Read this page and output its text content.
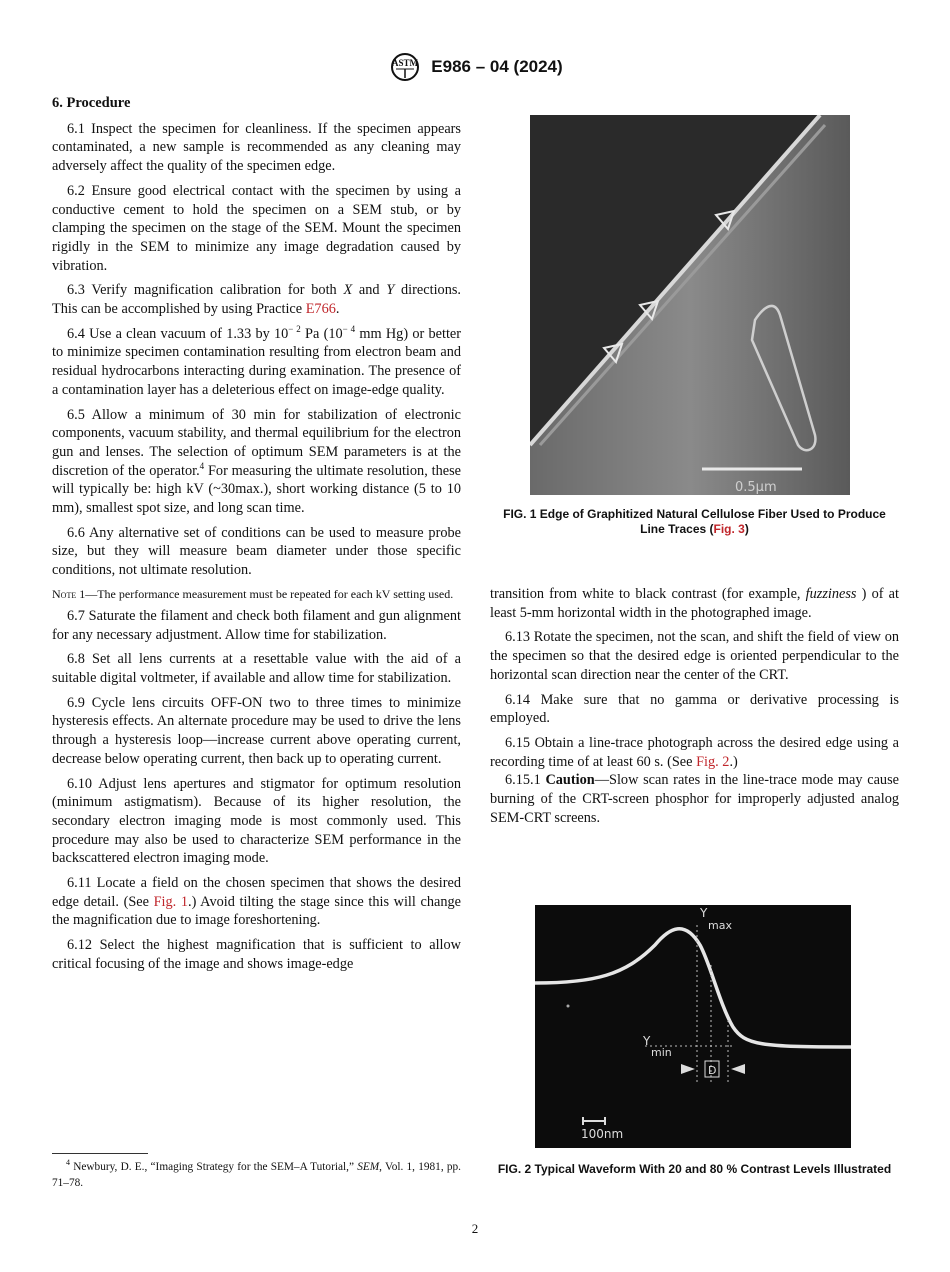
ASTM E986 – 04 (2024)
6. Procedure

6.1 Inspect the specimen for cleanliness. If the specimen appears contaminated, a new sample is recommended as any cleaning may adversely affect the quality of the specimen edge.

6.2 Ensure good electrical contact with the specimen by using a conductive cement to hold the specimen on a SEM stub, or by clamping the specimen on the stage of the SEM. Mount the specimen rigidly in the SEM to minimize any image degradation caused by vibration.

6.3 Verify magnification calibration for both X and Y directions. This can be accomplished by using Practice E766.

6.4 Use a clean vacuum of 1.33 by $10^{- 2}$ Pa ($10^{- 4}$ mm Hg) or better to minimize specimen contamination resulting from electron beam and residual hydrocarbons interacting during examination. The presence of a contamination layer has a deleterious effect on image-edge quality.

6.5 Allow a minimum of 30 min for stabilization of electronic components, vacuum stability, and thermal equilibrium for the electron gun and lenses. The selection of optimum SEM parameters is at the discretion of the operator.$^4$ For measuring the ultimate resolution, these will typically be: high kV (~30max.), short working distance (5 to 10 mm), smallest spot size, and long scan time.

6.6 Any alternative set of conditions can be used to measure probe size, but they will measure beam diameter under those specific conditions, not ultimate resolution.

Note 1—The performance measurement must be repeated for each kV setting used.

6.7 Saturate the filament and check both filament and gun alignment for any necessary adjustment. Allow time for stabilization.

6.8 Set all lens currents at a resettable value with the aid of a suitable digital voltmeter, if available and allow time for stabilization.

6.9 Cycle lens circuits OFF-ON two to three times to minimize hysteresis effects. An alternate procedure may be used to drive the lens through a hysteresis loop—increase current above operating current, decrease below operating current, then back up to operating current.

6.10 Adjust lens apertures and stigmator for optimum resolution (minimum astigmatism). Because of its higher resolution, the secondary electron imaging mode is most commonly used. This procedure may also be used to characterize SEM performance in the backscattered electron imaging mode.

6.11 Locate a field on the chosen specimen that shows the desired edge detail. (See Fig. 1.) Avoid tilting the stage since this will change the magnification due to image foreshortening.

6.12 Select the highest magnification that is sufficient to allow critical focusing of the image and shows image-edge

0.5µm
FIG. 1 Edge of Graphitized Natural Cellulose Fiber Used to Produce Line Traces (Fig. 3)

transition from white to black contrast (for example, fuzziness ) of at least 5-mm horizontal width in the photographed image.

6.13 Rotate the specimen, not the scan, and shift the field of view on the specimen so that the desired edge is oriented perpendicular to the horizontal scan direction near the center of the CRT.

6.14 Make sure that no gamma or derivative processing is employed.

6.15 Obtain a line-trace photograph across the desired edge using a recording time of at least 60 s. (See Fig. 2.)

6.15.1 Caution—Slow scan rates in the line-trace mode may cause burning of the CRT-screen phosphor for improperly adjusted analog SEM-CRT screens.

Y
max
Y
min
D
100nm
FIG. 2 Typical Waveform With 20 and 80 % Contrast Levels Illustrated
$^4$ Newbury, D. E., “Imaging Strategy for the SEM–A Tutorial,” SEM, Vol. 1, 1981, pp. 71–78.
2
